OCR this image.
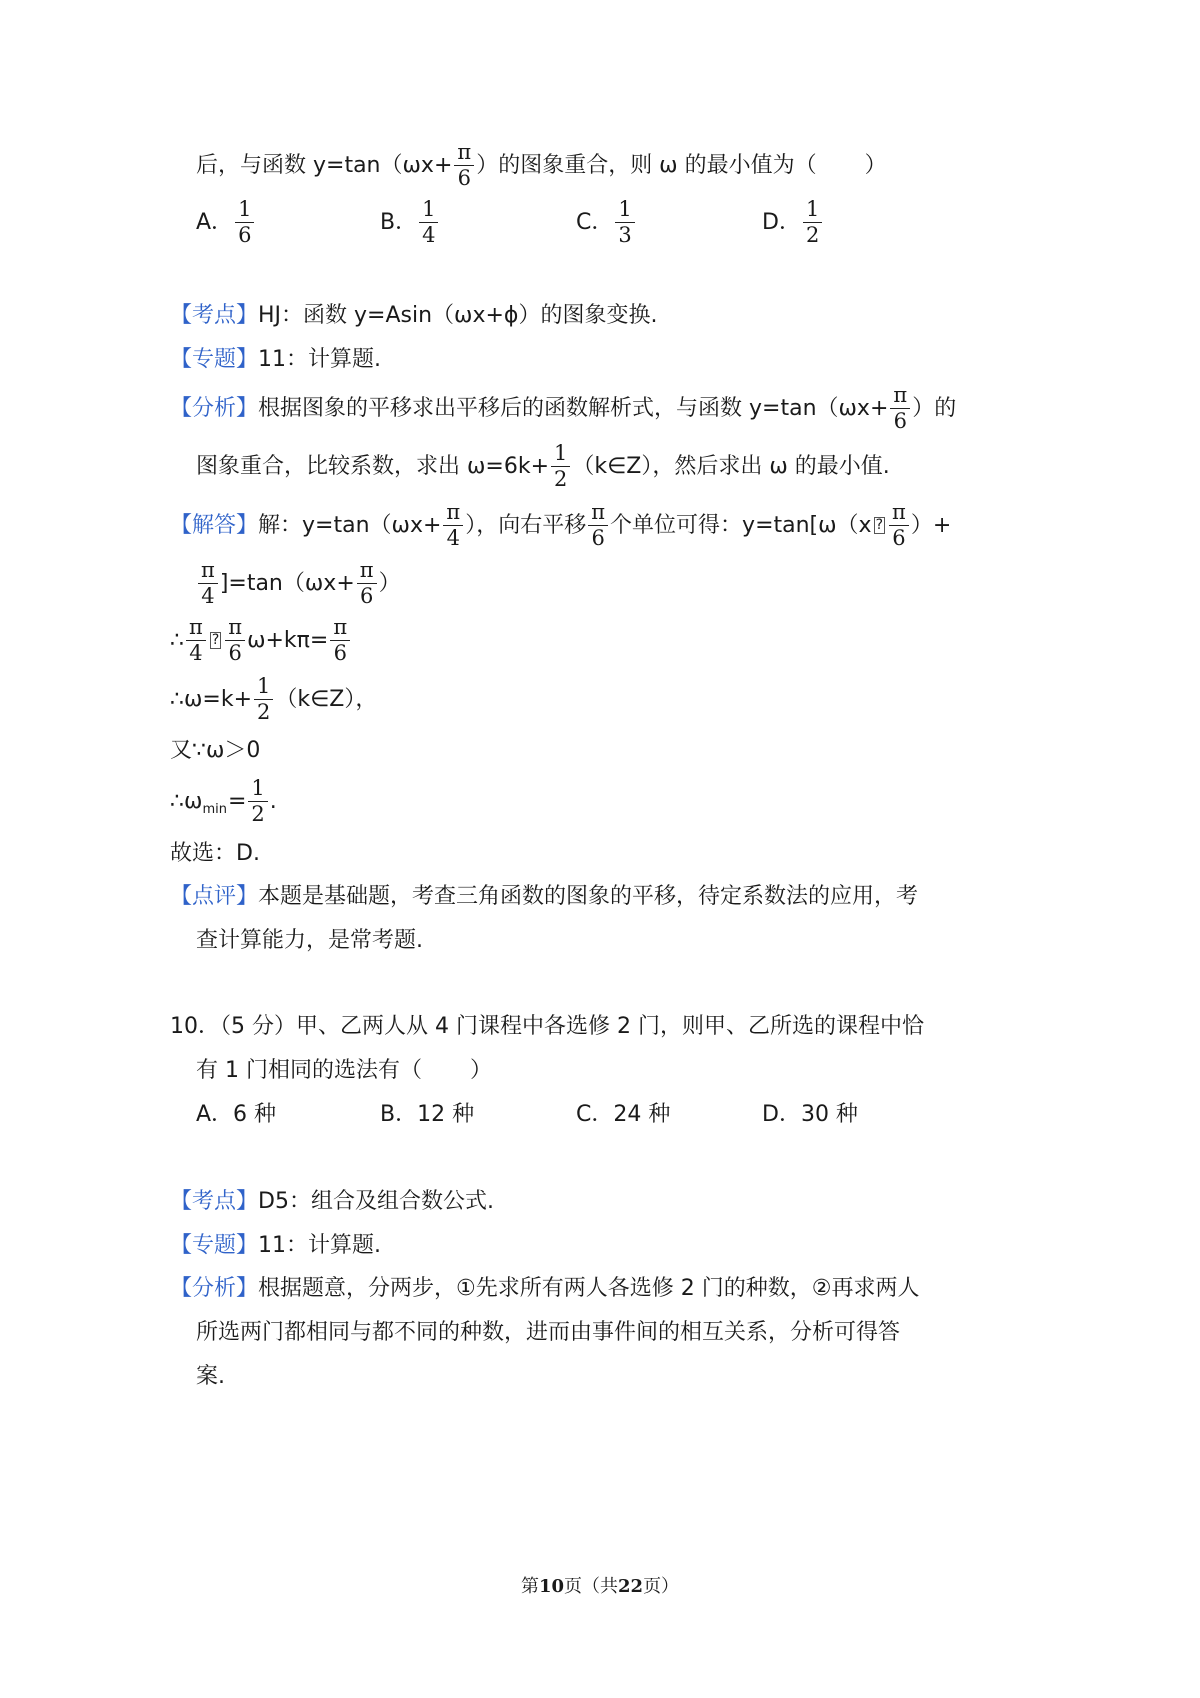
后，与函数 $y=\tan(\omega x+ \frac{\pi}{6}$ ）的图象重合，则 ω 的最小值为（ ）
A． $\frac{1}{6}$	B． $\frac{1}{4}$	C． $\frac{1}{3}$	D． $\frac{1}{2}$
【考点】 HJ：函数 y=Asin（ωx+ϕ）的图象变换.
【专题】 11：计算题.
【分析】 根据图象的平移求出平移后的函数解析式，与函数 $y=\tan(\omega x+ \frac{\pi}{6}$ ）的
图象重合，比较系数，求出 $\omega=6k+ \frac{1}{2}$ （k∈Z），然后求出 ω 的最小值.
【解答】 解：$y=\tan(\omega x+ \frac{\pi}{4}$ ），向右平移 $\frac{\pi}{6}$ 个单位可得：y=tan[ω（x ? $\frac{\pi}{6}$ ）+
$\frac{\pi}{4} ]=\tan(\omega x+ \frac{\pi}{6}$ ）
∴ $\frac{\pi}{4}$ ? $\frac{\pi}{6} \omega+k\pi= \frac{\pi}{6}$
∴ $\omega=k+ \frac{1}{2}$ （k∈Z），
又∵ω＞0
∴ ω $\min = \frac{1}{2}$ .
故选：D.
【点评】 本题是基础题，考查三角函数的图象的平移，待定系数法的应用，考
查计算能力，是常考题.
10．（5 分）甲、乙两人从 4 门课程中各选修 2 门，则甲、乙所选的课程中恰
有 1 门相同的选法有（ ）
A．6 种	B．12 种	C．24 种	D．30 种
【考点】 D5：组合及组合数公式.
【专题】 11：计算题.
【分析】 根据题意，分两步，①先求所有两人各选修 2 门的种数，②再求两人
所选两门都相同与都不同的种数，进而由事件间的相互关系，分析可得答
案.
第10页（共22页）
